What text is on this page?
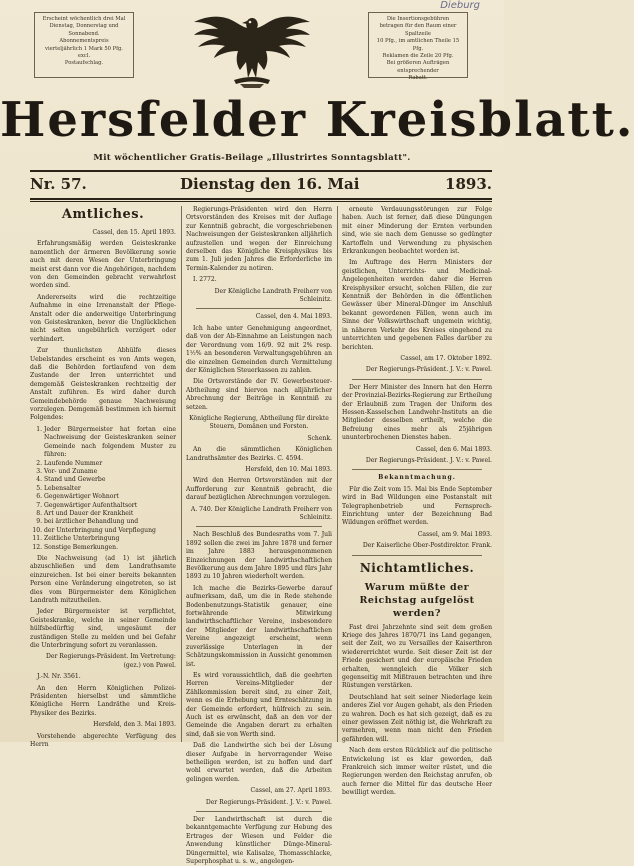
Dieburg
Erscheint wöchentlich drei Mal
Dienstag, Donnerstag und Sonnabend.
Abonnementspreis
vierteljährlich 1 Mark 50 Pfg. excl.
Postaufschlag.
Die Insertionsgebühren
betragen für den Raum einer Spaltzeile
10 Pfg., im amtlichen Theile 15 Pfg.
Reklamen die Zeile 20 Pfg.
Bei größeren Aufträgen entsprechender
Rabatt.
Hersfelder Kreisblatt.
Mit wöchentlicher Gratis-Beilage „Illustrirtes Sonntagsblatt".
Nr. 57.	Dienstag den 16. Mai	1893.
Amtliches.

Cassel, den 15. April 1893.

Erfahrungsmäßig werden Geisteskranke namentlich der ärmeren Bevölkerung sowie auch mit deren Wesen der Unterbringung meist erst dann vor die Angehörigen, nachdem von den Gemeinden gebracht verwahrlost worden sind.

Andererseits wird die rechtzeitige Aufnahme in eine Irrenanstalt der Pflege-Anstalt oder die anderweitige Unterbringung von Geisteskranken, bevor die Unglücklichen nicht selten ungebührlich verzögert oder verhindert.

Zur thunlichsten Abhülfe dieses Uebelstandes erscheint es von Amts wegen, daß die Behörden fortlaufend von dem Zustande der Irren unterrichtet und demgemäß Geisteskranken rechtzeitig der Anstalt zuführen. Es wird daher durch Gemeindebehörde genaue Nachweisung vorzulegen. Demgemäß bestimmen ich hiermit Folgendes:

1. Jeder Bürgermeister hat fortan eine Nachweisung der Geisteskranken seiner Gemeinde nach folgendem Muster zu führen:
2. Laufende Nummer
3. Vor- und Zuname
4. Stand und Gewerbe
5. Lebensalter
6. Gegenwärtiger Wohnort
7. Gegenwärtiger Aufenthaltsort
8. Art und Dauer der Krankheit
9. bei ärztlicher Behandlung und
10. der Unterbringung und Verpflegung
11. Zeitliche Unterbringung
12. Sonstige Bemerkungen.

Die Nachweisung (ad 1) ist jährlich abzuschließen und dem Landrathsamte einzureichen. Ist bei einer bereits bekannten Person eine Veränderung eingetreten, so ist dies vom Bürgermeister dem Königlichen Landrath mitzutheilen.

Jeder Bürgermeister ist verpflichtet, Geisteskranke, welche in seiner Gemeinde hülfsbedürftig sind, ungesäumt der zuständigen Stelle zu melden und bei Gefahr die Unterbringung sofort zu veranlassen.

Der Regierungs-Präsident. Im Vertretung: (gez.) von Pawel.

J.-N. Nr. 3561.

An den Herrn Königlichen Polizei-Präsidenten hierselbst und sämmtliche Königliche Herrn Landräthe und Kreis-Physiker des Bezirks.

Hersfeld, den 3. Mai 1893.

Vorstehende abgerechte Verfügung des Herrn

Regierungs-Präsidenten wird den Herrn Ortsvorständen des Kreises mit der Auflage zur Kenntniß gebracht, die vorgeschriebenen Nachweisungen der Geisteskranken alljährlich aufzustellen und wegen der Einreichung derselben das Königliche Kreisphysikus bis zum 1. Juli jeden Jahres die Erforderliche im Termin-Kalender zu notiren.

I. 2772.

Der Königliche Landrath Freiherr von Schleinitz.

Cassel, den 4. Mai 1893.

Ich habe unter Genehmigung angeordnet, daß von der Ab-Einnahme an Leistungen nach der Verordnung vom 16/9. 92 mit 2% resp. 1½% an besonderen Verwaltungsgebühren an die einzelnen Gemeinden durch Vermittelung der Königlichen Steuerkassen zu zahlen.

Die Ortsvorstände der IV. Gewerbesteuer-Abtheilung sind hiervon nach alljährlicher Abrechnung der Beiträge in Kenntniß zu setzen.

Königliche Regierung, Abtheilung für direkte Steuern, Domänen und Forsten.

Schenk.

An die sämmtlichen Königlichen Landrathsämter des Bezirks. C. 4594.

Hersfeld, den 10. Mai 1893.

Wird den Herren Ortsvorständen mit der Aufforderung zur Kenntniß gebracht, die darauf bezüglichen Abrechnungen vorzulegen.

A. 740. Der Königliche Landrath Freiherr von Schleinitz.

Nach Beschluß des Bundesraths vom 7. Juli 1892 sollen die zwei im Jahre 1878 und ferner im Jahre 1883 herausgenommenen Einzeichnungen der landwirthschaftlichen Bevölkerung aus dem Jahre 1895 und fürs Jahr 1893 zu 10 Jahren wiederholt werden.

Ich mache die Bezirks-Gewerbe darauf aufmerksam, daß, um die in Rede stehende Bodenbenutzungs-Statistik genauer, eine fortwährende Mitwirkung landwirthschaftlicher Vereine, insbesondere der Mitglieder der landwirthschaftlichen Vereine angezeigt erscheint, wenn zuverlässige Unterlagen in der Schätzungskommission in Aussicht genommen ist.

Es wird voraussichtlich, daß die geehrten Herren Vereins-Mitglieder der Zählkommission bereit sind, zu einer Zeit, wenn es die Erhebung und Ernteschätzung in der Gemeinde erfordert, hülfreich zu sein. Auch ist es erwünscht, daß an den vor der Gemeinde die Angaben derart zu erhalten sind, daß sie von Werth sind.

Daß die Landwirthe sich bei der Lösung dieser Aufgabe in hervorragender Weise betheiligen werden, ist zu hoffen und darf wohl erwartet werden, daß die Arbeiten gelingen werden.

Cassel, am 27. April 1893.

Der Regierungs-Präsident. J. V.: v. Pawel.

Der Landwirthschaft ist durch die bekanntgemachte Verfügung zur Hebung des Ertrages der Wiesen und Felder die Anwendung künstlicher Dünge-Mineral-Düngermittel, wie Kalisalze, Thomasschlacke, Superphosphat u. s. w., angelegen-

erneute Verdauungsstörungen zur Folge haben. Auch ist ferner, daß diese Düngungen mit einer Minderung der Ernten verbunden sind, wie sie nach dem Genusse so gedüngter Kartoffeln und Verwendung zu physischen Erkrankungen beobachtet worden ist.

Im Auftrage des Herrn Ministers der geistlichen, Unterrichts- und Medicinal-Angelegenheiten werden daher die Herren Kreisphysiker ersucht, solchen Fällen, die zur Kenntniß der Behörden in die öffentlichen Gewässer über Mineral-Dünger im Anschluß bekannt gewordenen Fällen, wenn auch im Sinne der Volkswirthschaft ungemein wichtig, in näheren Verkehr des Kreises eingehend zu unterrichten und gegebenen Falles darüber zu berichten.

Cassel, am 17. Oktober 1892.

Der Regierungs-Präsident. J. V.: v. Pawel.

Der Herr Minister des Innern hat den Herrn der Provinzial-Bezirks-Regierung zur Ertheilung der Erlaubniß zum Tragen der Uniform des Hessen-Kasselschen Landwehr-Instituts an die Mitglieder desselben ertheilt, welche die Befreiung eines mehr als 25jährigen ununterbrochenen Dienstes haben.

Cassel, den 6. Mai 1893.

Der Regierungs-Präsident. J. V.: v. Pawel.

Bekanntmachung.

Für die Zeit vom 15. Mai bis Ende September wird in Bad Wildungen eine Postanstalt mit Telegraphenbetrieb und Fernsprech-Einrichtung unter der Bezeichnung Bad Wildungen eröffnet werden.

Cassel, am 9. Mai 1893.

Der Kaiserliche Ober-Postdirektor. Frank.

Nichtamtliches.
Warum müßte der Reichstag aufgelöst werden?

Fast drei Jahrzehnte sind seit dem großen Kriege des Jahres 1870/71 ins Land gegangen, seit der Zeit, wo zu Versailles der Kaiserthron wiedererrichtet wurde. Seit dieser Zeit ist der Friede gesichert und der europäische Frieden erhalten, wenngleich die Völker sich gegenseitig mit Mißtrauen betrachten und ihre Rüstungen verstärken.

Deutschland hat seit seiner Niederlage kein anderes Ziel vor Augen gehabt, als den Frieden zu wahren. Doch es hat sich gezeigt, daß es zu einer gewissen Zeit nöthig ist, die Wehrkraft zu vermehren, wenn man nicht den Frieden gefährden will.

Nach dem ersten Rückblick auf die politische Entwickelung ist es klar geworden, daß Frankreich sich immer weiter rüstet, und die Regierungen werden den Reichstag anrufen, ob auch ferner die Mittel für das deutsche Heer bewilligt werden.
